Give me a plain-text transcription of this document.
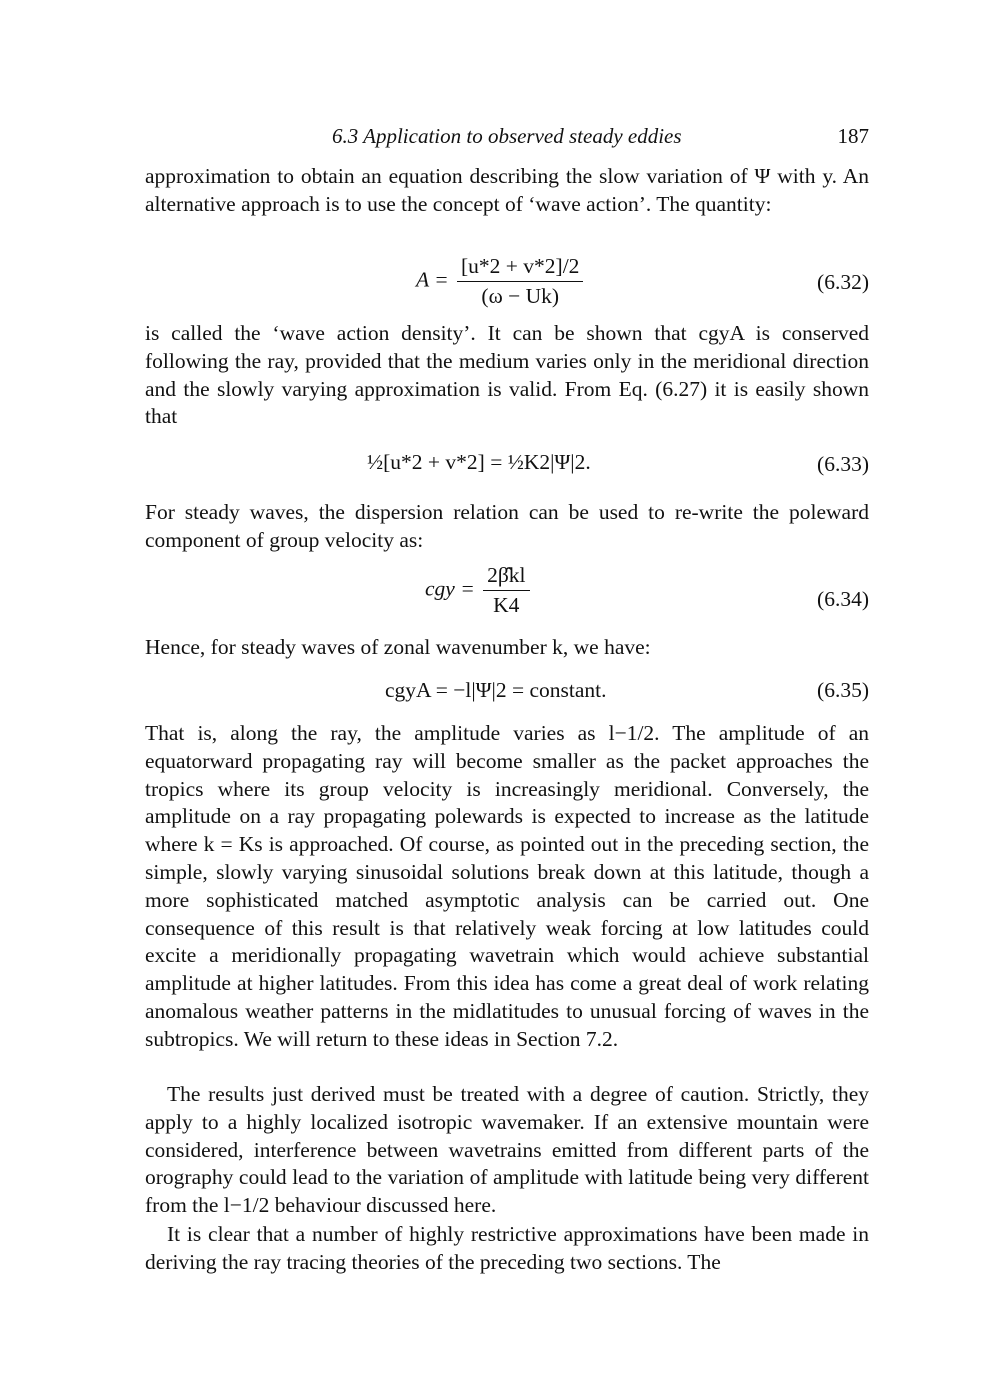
6.3 Application to observed steady eddies	187
approximation to obtain an equation describing the slow variation of Ψ with y. An alternative approach is to use the concept of ‘wave action’. The quantity:
$A = \frac{[u*2 + v*2]/2}{(\omega - Uk)}$	(6.32)
is called the ‘wave action density’. It can be shown that cgyA is conserved following the ray, provided that the medium varies only in the meridional direction and the slowly varying approximation is valid. From Eq. (6.27) it is easily shown that
½[u*2 + v*2] = ½K2|Ψ|2.	(6.33)
For steady waves, the dispersion relation can be used to re-write the poleward component of group velocity as:
cgy = $\frac{2\betâkl}{K4}$	(6.34)
Hence, for steady waves of zonal wavenumber k, we have:
cgyA = −l|Ψ|2 = constant.	(6.35)
That is, along the ray, the amplitude varies as l−1/2. The amplitude of an equatorward propagating ray will become smaller as the packet approaches the tropics where its group velocity is increasingly meridional. Conversely, the amplitude on a ray propagating polewards is expected to increase as the latitude where k = Ks is approached. Of course, as pointed out in the preceding section, the simple, slowly varying sinusoidal solutions break down at this latitude, though a more sophisticated matched asymptotic analysis can be carried out. One consequence of this result is that relatively weak forcing at low latitudes could excite a meridionally propagating wavetrain which would achieve substantial amplitude at higher latitudes. From this idea has come a great deal of work relating anomalous weather patterns in the midlatitudes to unusual forcing of waves in the subtropics. We will return to these ideas in Section 7.2.
The results just derived must be treated with a degree of caution. Strictly, they apply to a highly localized isotropic wavemaker. If an extensive mountain were considered, interference between wavetrains emitted from different parts of the orography could lead to the variation of amplitude with latitude being very different from the l−1/2 behaviour discussed here.
It is clear that a number of highly restrictive approximations have been made in deriving the ray tracing theories of the preceding two sections. The
